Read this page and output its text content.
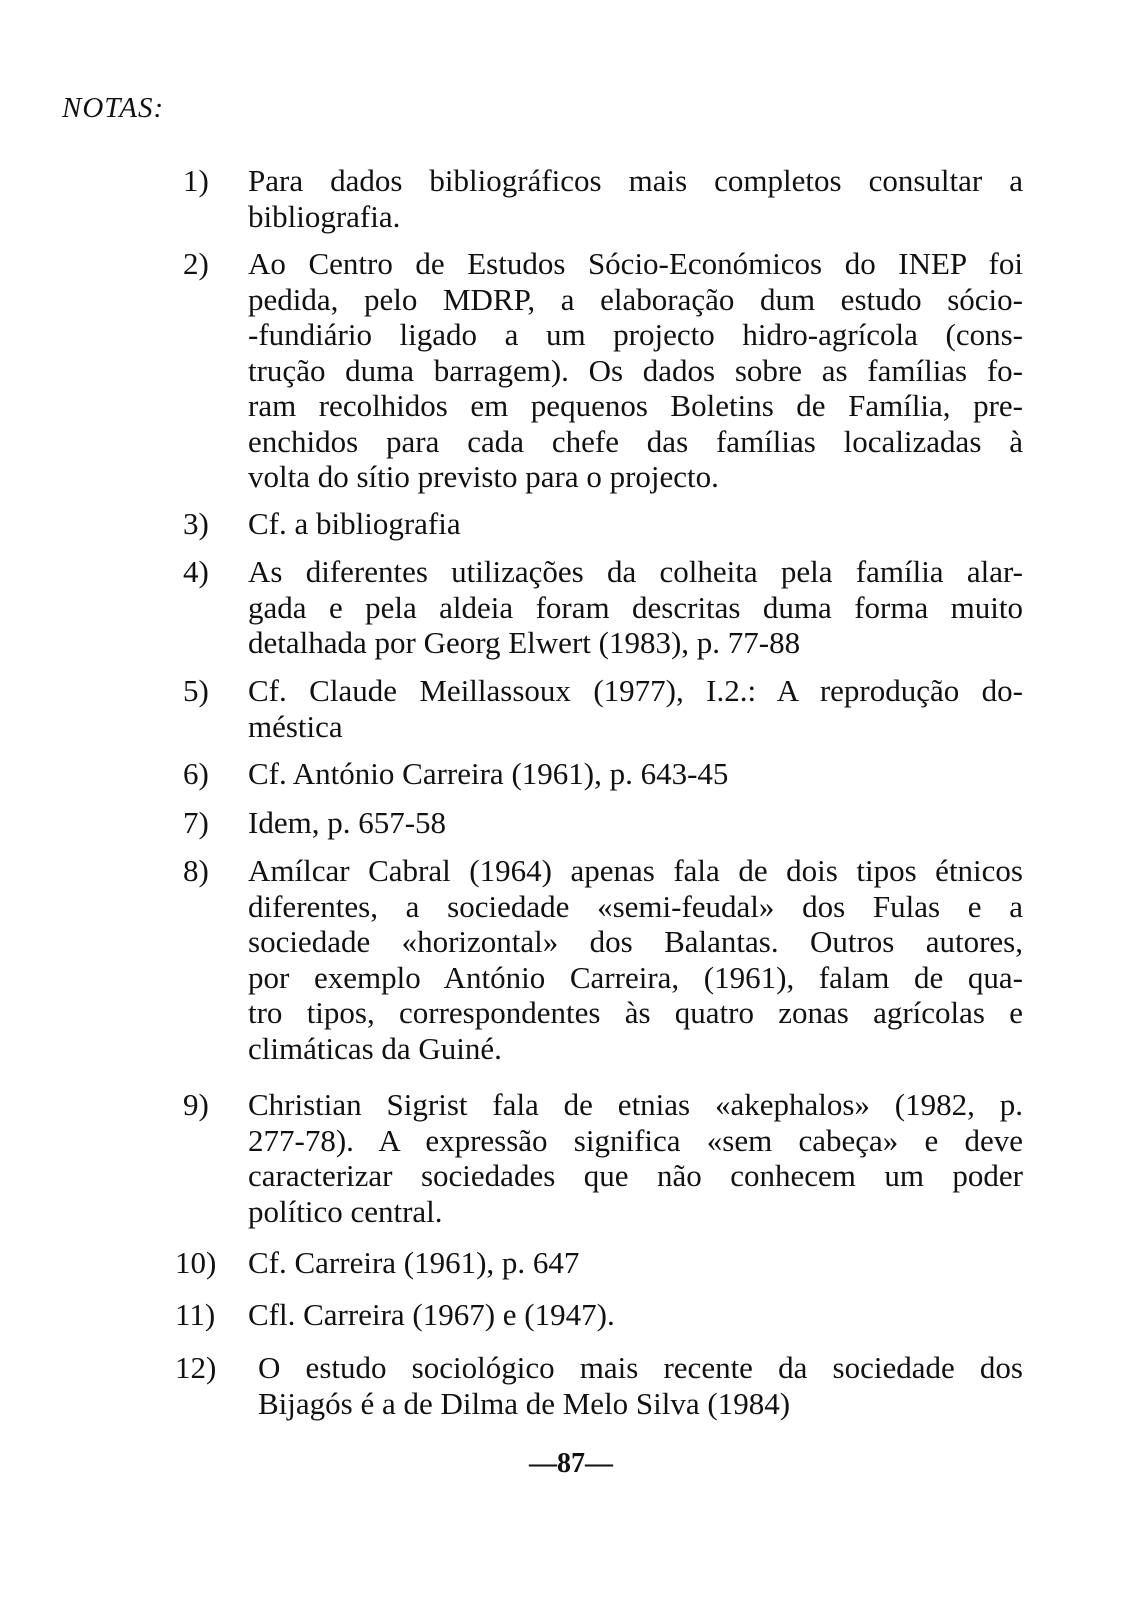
NOTAS:
1) Para dados bibliográficos mais completos consultar a
bibliografia.
2) Ao Centro de Estudos Sócio-Económicos do INEP foi
pedida, pelo MDRP, a elaboração dum estudo sócio-
-fundiário ligado a um projecto hidro-agrícola (cons-
trução duma barragem). Os dados sobre as famílias fo-
ram recolhidos em pequenos Boletins de Família, pre-
enchidos para cada chefe das famílias localizadas à
volta do sítio previsto para o projecto.
3) Cf. a bibliografia
4) As diferentes utilizações da colheita pela família alar-
gada e pela aldeia foram descritas duma forma muito
detalhada por Georg Elwert (1983), p. 77-88
5) Cf. Claude Meillassoux (1977), I.2.: A reprodução do-
méstica
6) Cf. António Carreira (1961), p. 643-45
7) Idem, p. 657-58
8) Amílcar Cabral (1964) apenas fala de dois tipos étnicos
diferentes, a sociedade «semi-feudal» dos Fulas e a
sociedade «horizontal» dos Balantas. Outros autores,
por exemplo António Carreira, (1961), falam de qua-
tro tipos, correspondentes às quatro zonas agrícolas e
climáticas da Guiné.
9) Christian Sigrist fala de etnias «akephalos» (1982, p.
277-78). A expressão significa «sem cabeça» e deve
caracterizar sociedades que não conhecem um poder
político central.
10) Cf. Carreira (1961), p. 647
11) Cfl. Carreira (1967) e (1947).
12) O estudo sociológico mais recente da sociedade dos
Bijagós é a de Dilma de Melo Silva (1984)
—87—
